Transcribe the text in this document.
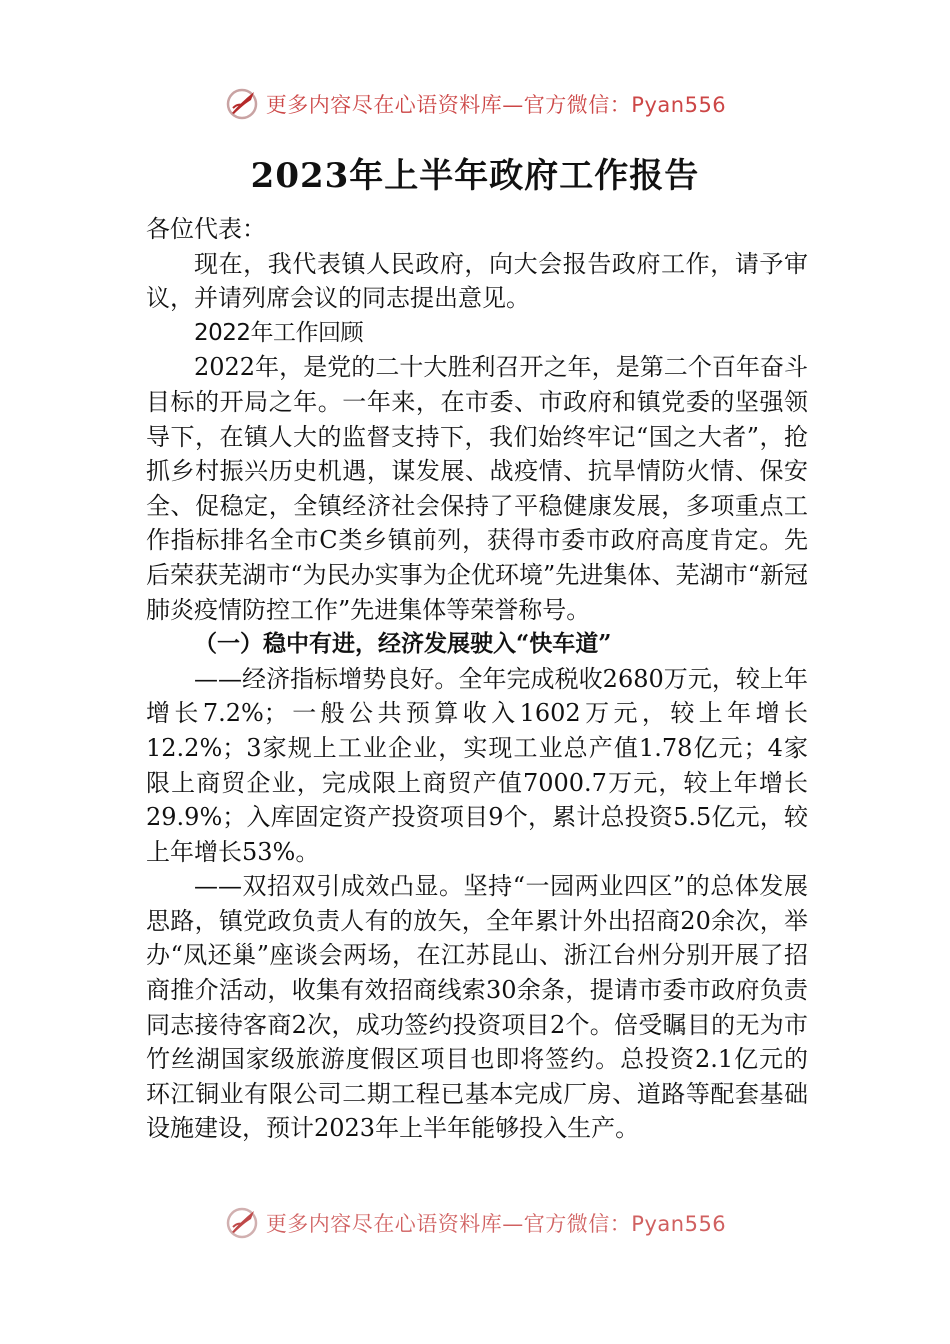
更多内容尽在心语资料库—官方微信：Pyan556
2023年上半年政府工作报告

各位代表：

现在，我代表镇人民政府，向大会报告政府工作，请予审议，并请列席会议的同志提出意见。

2022年工作回顾

2022年，是党的二十大胜利召开之年，是第二个百年奋斗目标的开局之年。一年来，在市委、市政府和镇党委的坚强领导下，在镇人大的监督支持下，我们始终牢记“国之大者”，抢抓乡村振兴历史机遇，谋发展、战疫情、抗旱情防火情、保安全、促稳定，全镇经济社会保持了平稳健康发展，多项重点工作指标排名全市C类乡镇前列，获得市委市政府高度肯定。先后荣获芜湖市“为民办实事为企优环境”先进集体、芜湖市“新冠肺炎疫情防控工作”先进集体等荣誉称号。

（一）稳中有进，经济发展驶入“快车道”

——经济指标增势良好。全年完成税收2680万元，较上年增长7.2%；一般公共预算收入1602万元，较上年增长12.2%；3家规上工业企业，实现工业总产值1.78亿元；4家限上商贸企业，完成限上商贸产值7000.7万元，较上年增长29.9%；入库固定资产投资项目9个，累计总投资5.5亿元，较上年增长53%。

——双招双引成效凸显。坚持“一园两业四区”的总体发展思路，镇党政负责人有的放矢，全年累计外出招商20余次，举办“凤还巢”座谈会两场，在江苏昆山、浙江台州分别开展了招商推介活动，收集有效招商线索30余条，提请市委市政府负责同志接待客商2次，成功签约投资项目2个。倍受瞩目的无为市竹丝湖国家级旅游度假区项目也即将签约。总投资2.1亿元的环江铜业有限公司二期工程已基本完成厂房、道路等配套基础设施建设，预计2023年上半年能够投入生产。

更多内容尽在心语资料库—官方微信：Pyan556
